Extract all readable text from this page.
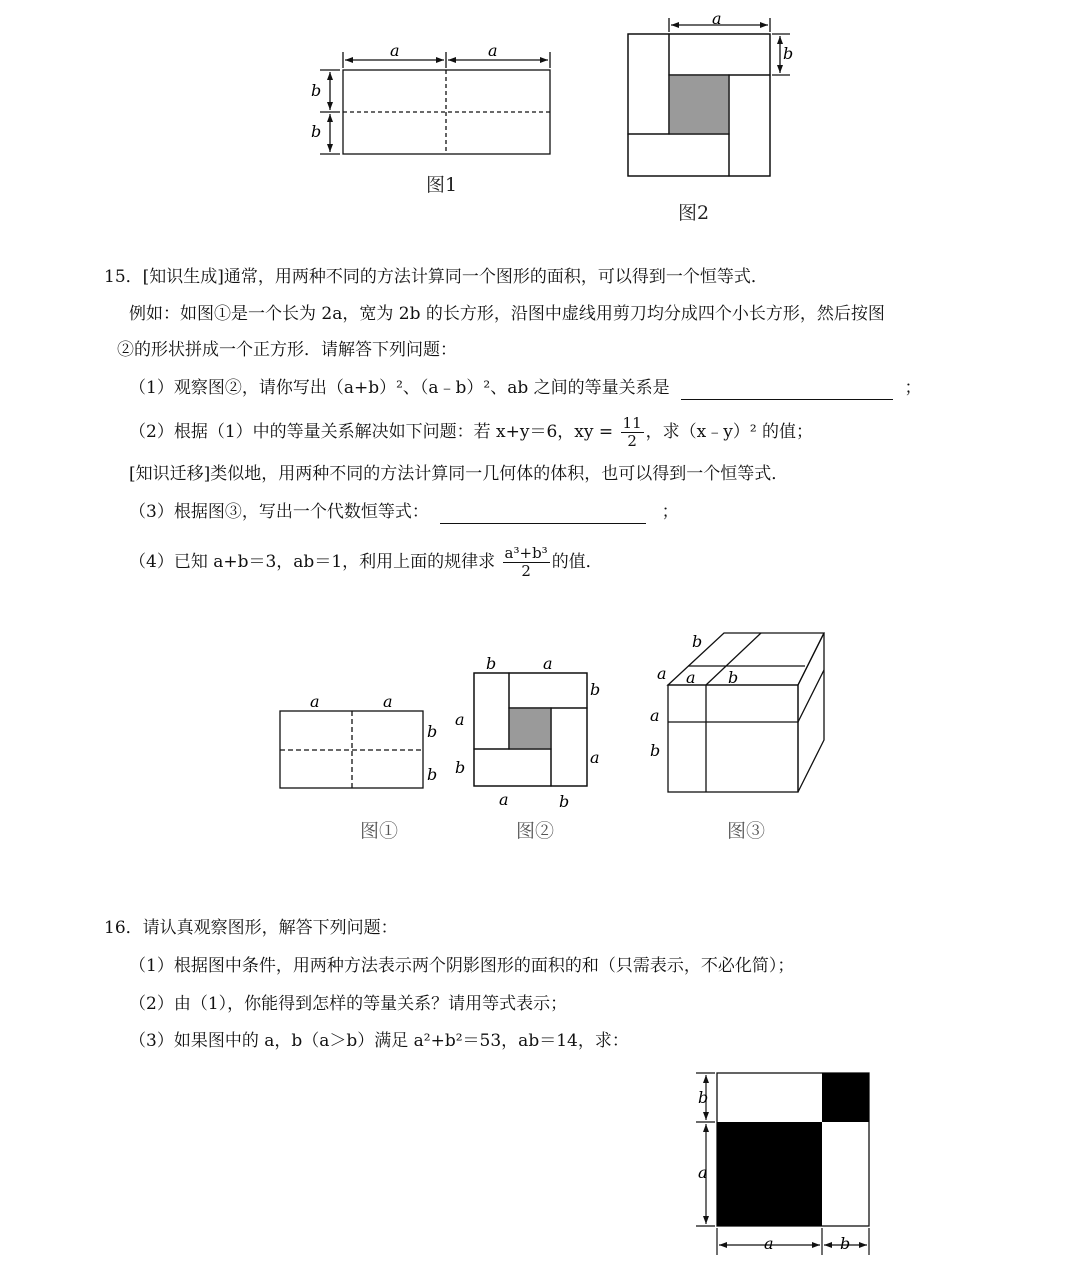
a	a
b
b
图1
a
b
图2
15．[知识生成]通常，用两种不同的方法计算同一个图形的面积，可以得到一个恒等式．
例如：如图①是一个长为 2a，宽为 2b 的长方形，沿图中虚线用剪刀均分成四个小长方形，然后按图
②的形状拼成一个正方形．请解答下列问题：
（1）观察图②，请你写出（a+b）²、（a﹣b）²、ab 之间的等量关系是	；
（2）根据（1）中的等量关系解决如下问题：若 x+y＝6，xy = $\frac{11}{2}$ ，求（x﹣y）² 的值；
[知识迁移]类似地，用两种不同的方法计算同一几何体的体积，也可以得到一个恒等式．
（3）根据图③，写出一个代数恒等式：	；
（4）已知 a+b＝3，ab＝1，利用上面的规律求 $\frac{\text{a³+b³}}{2}$ 的值．
a	a
b
b
b	a
b
a
b
a
a	b
b
a a b
a
b
图①	图②	图③
16．请认真观察图形，解答下列问题：
（1）根据图中条件，用两种方法表示两个阴影图形的面积的和（只需表示，不必化简）；
（2）由（1），你能得到怎样的等量关系？请用等式表示；
（3）如果图中的 a，b（a＞b）满足 a²+b²＝53，ab＝14，求：
b
a
a	b
